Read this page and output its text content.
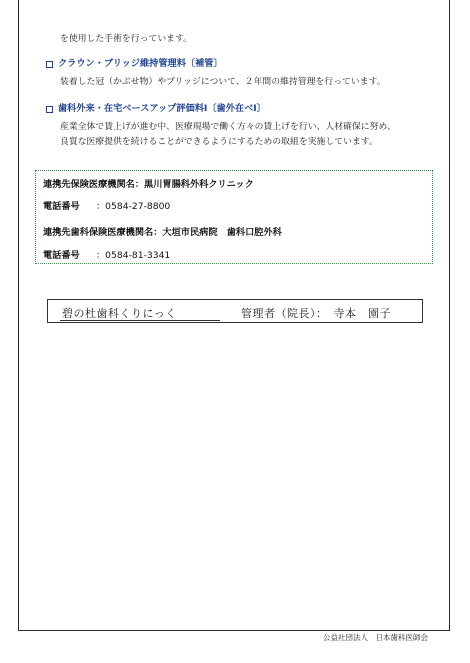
を使用した手術を行っています。
クラウン・ブリッジ維持管理料〔補管〕
装着した冠（かぶせ物）やブリッジについて、２年間の維持管理を行っています。
歯科外来・在宅ベースアップ評価料Ⅰ〔歯外在ベⅠ〕
産業全体で賃上げが進む中、医療現場で働く方々の賃上げを行い、人材確保に努め、
良質な医療提供を続けることができるようにするための取組を実施しています。
連携先保険医療機関名：黒川胃腸科外科クリニック
電話番号 ：0584-27-8800
連携先歯科保険医療機関名：大垣市民病院　歯科口腔外科
電話番号 ：0584-81-3341
碧の杜歯科くりにっく	管理者（院長）：　寺本　園子
公益社団法人　日本歯科医師会
